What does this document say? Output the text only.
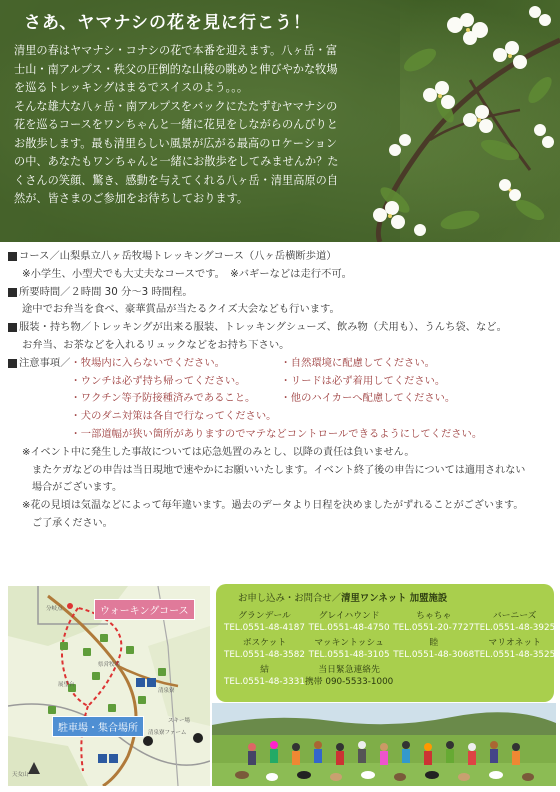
さあ、ヤマナシの花を見に行こう！

清里の春はヤマナシ・コナシの花で本番を迎えます。八ヶ岳・富

士山・南アルプス・秩父の圧倒的な山稜の眺めと伸びやかな牧場

を巡るトレッキングはまるでスイスのよう。。。

そんな雄大な八ヶ岳・南アルプスをバックにたたずむヤマナシの

花を巡るコースをワンちゃんと一緒に花見をしながらのんびりと

お散歩します。最も清里らしい風景が広がる最高のロケーション

の中、あなたもワンちゃんと一緒にお散歩をしてみませんか？た

くさんの笑顔、驚き、感動を与えてくれる八ヶ岳・清里高原の自

然が、皆さまのご参加をお待ちしております。

コース／山梨県立八ヶ岳牧場トレッキングコース（八ヶ岳横断歩道）
※小学生、小型犬でも大丈夫なコースです。　※バギーなどは走行不可。
所要時間／２時間 30 分〜3 時間程。
途中でお弁当を食べ、豪華賞品が当たるクイズ大会なども行います。
服装・持ち物／トレッキングが出来る服装、トレッキングシューズ、飲み物（犬用も）、うんち袋、など。
お弁当、お茶などを入れるリュックなどをお持ち下さい。
注意事項／ ・牧場内に入らないでください。
・ウンチは必ず持ち帰ってください。
・ワクチン等予防接種済みであること。
・自然環境に配慮してください。
・リードは必ず着用してください。
・他のハイカーへ配慮してください。
・犬のダニ対策は各自で行なってください。
・一部道幅が狭い箇所がありますのでマテなどコントロールできるようにしてください。
※イベント中に発生した事故については応急処置のみとし、以降の責任は負いません。
またケガなどの申告は当日現地で速やかにお願いいたします。イベント終了後の申告については適用されない
場合がございます。
※花の見頃は気温などによって毎年違います。過去のデータより日程を決めましたがずれることがございます。
ご了承ください。
分岐点
県営牧場
展望台
清泉寮
スキー場
清泉寮ファーム
天女山
ウォーキングコース
駐車場・集合場所
お申し込み・お問合せ／清里ワンネット 加盟施設
グランデール
TEL.0551-48-4187
グレイハウンド
TEL.0551-48-4750
ちゃちゃ
TEL.0551-20-7727
バーニーズ
TEL.0551-48-3925
ボスケット
TEL.0551-48-3582
マッキントッシュ
TEL.0551-48-3105
睦
TEL.0551-48-3068
マリオネット
TEL.0551-48-3525
結
TEL.0551-48-3331
当日緊急連絡先
携帯 090-5533-1000
